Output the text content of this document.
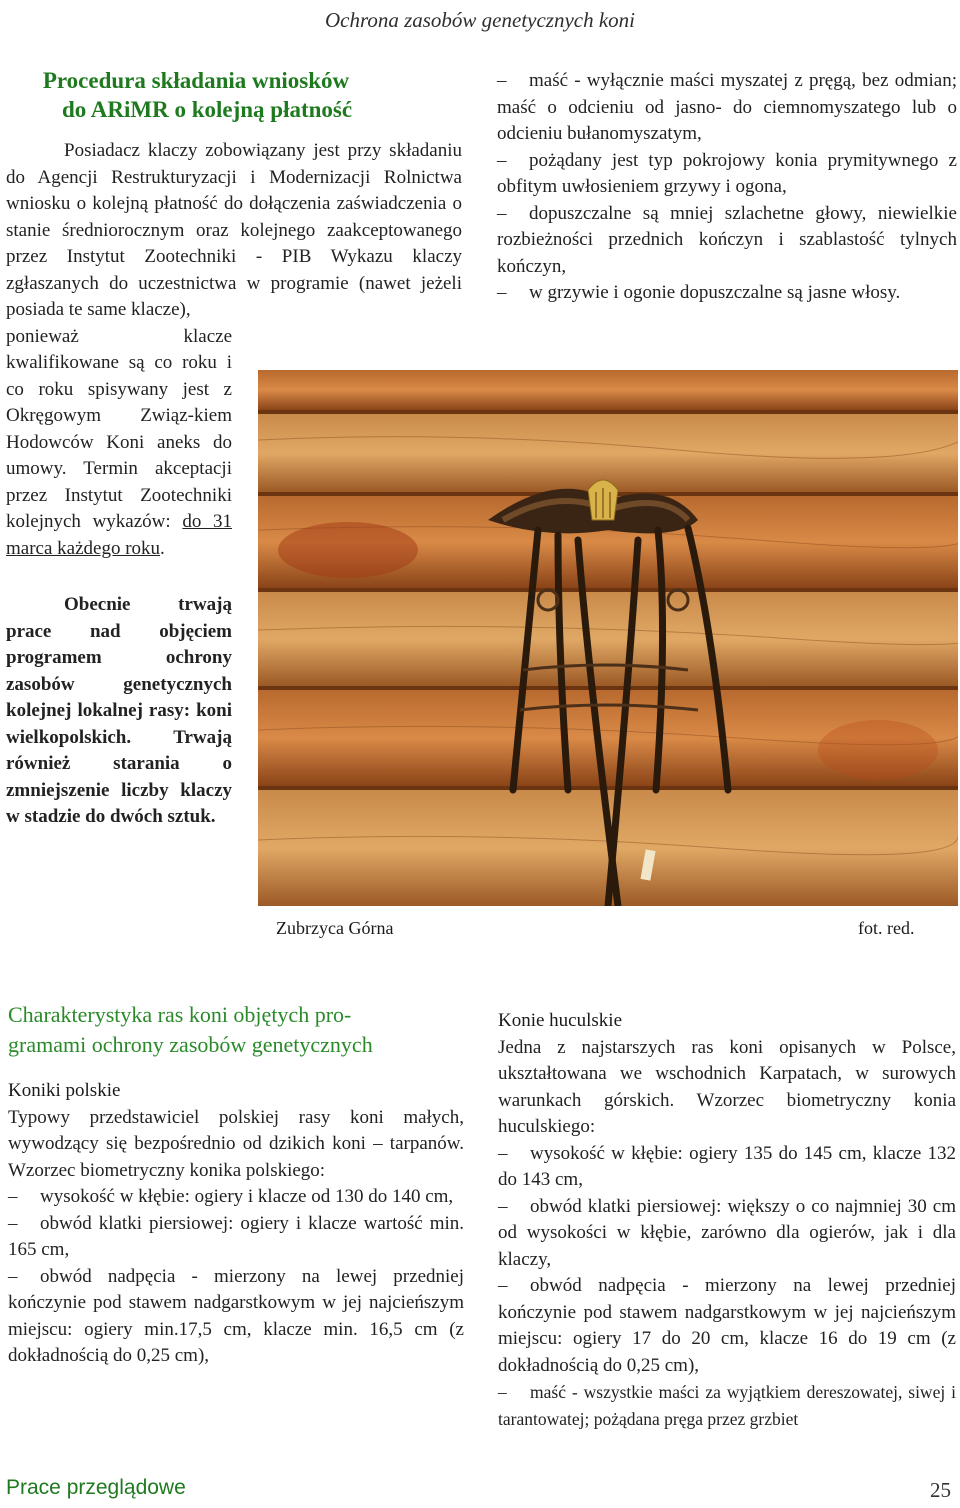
Ochrona zasobów genetycznych koni
Procedura składania wniosków
do ARiMR o kolejną płatność

Posiadacz klaczy zobowiązany jest przy składaniu do Agencji Restrukturyzacji i Modernizacji Rolnictwa wniosku o kolejną płatność do dołączenia zaświadczenia o stanie średniorocznym oraz kolejnego zaakceptowanego przez Instytut Zootechniki - PIB Wykazu klaczy zgłaszanych do uczestnictwa w programie (nawet jeżeli posiada te same klacze),

ponieważ klacze kwalifikowane są co roku i co roku spisywany jest z Okręgowym Związ-kiem Hodowców Koni aneks do umowy. Termin akceptacji przez Instytut Zootechniki kolejnych wykazów: do 31 marca każdego roku.

Obecnie trwają prace nad objęciem programem ochrony zasobów genetycznych kolejnej lokalnej rasy: koni wielkopolskich. Trwają również starania o zmniejszenie liczby klaczy w stadzie do dwóch sztuk.

– maść - wyłącznie maści myszatej z pręgą, bez odmian; maść o odcieniu od jasno- do ciemnomyszatego lub o odcieniu bułanomyszatym,

– pożądany jest typ pokrojowy konia prymitywnego z obfitym uwłosieniem grzywy i ogona,

– dopuszczalne są mniej szlachetne głowy, niewielkie rozbieżności przednich kończyn i szablastość tylnych kończyn,

– w grzywie i ogonie dopuszczalne są jasne włosy.

Zubrzyca Górna	fot. red.
Charakterystyka ras koni objętych pro-
gramami ochrony zasobów genetycznych
Koniki polskie

Typowy przedstawiciel polskiej rasy koni małych, wywodzący się bezpośrednio od dzikich koni – tarpanów. Wzorzec biometryczny konika polskiego:

– wysokość w kłębie: ogiery i klacze od 130 do 140 cm,

– obwód klatki piersiowej: ogiery i klacze wartość min. 165 cm,

– obwód nadpęcia - mierzony na lewej przedniej kończynie pod stawem nadgarstkowym w jej najcieńszym miejscu: ogiery min.17,5 cm, klacze min. 16,5 cm (z dokładnością do 0,25 cm),

Konie huculskie

Jedna z najstarszych ras koni opisanych w Polsce, ukształtowana we wschodnich Karpatach, w surowych warunkach górskich. Wzorzec biometryczny konia huculskiego:

– wysokość w kłębie: ogiery 135 do 145 cm, klacze 132 do 143 cm,

– obwód klatki piersiowej: większy o co najmniej 30 cm od wysokości w kłębie, zarówno dla ogierów, jak i dla klaczy,

– obwód nadpęcia - mierzony na lewej przedniej kończynie pod stawem nadgarstkowym w jej najcieńszym miejscu: ogiery 17 do 20 cm, klacze 16 do 19 cm (z dokładnością do 0,25 cm),

– maść - wszystkie maści za wyjątkiem dereszowatej, siwej i tarantowatej; pożądana pręga przez grzbiet

Prace przeglądowe	25
